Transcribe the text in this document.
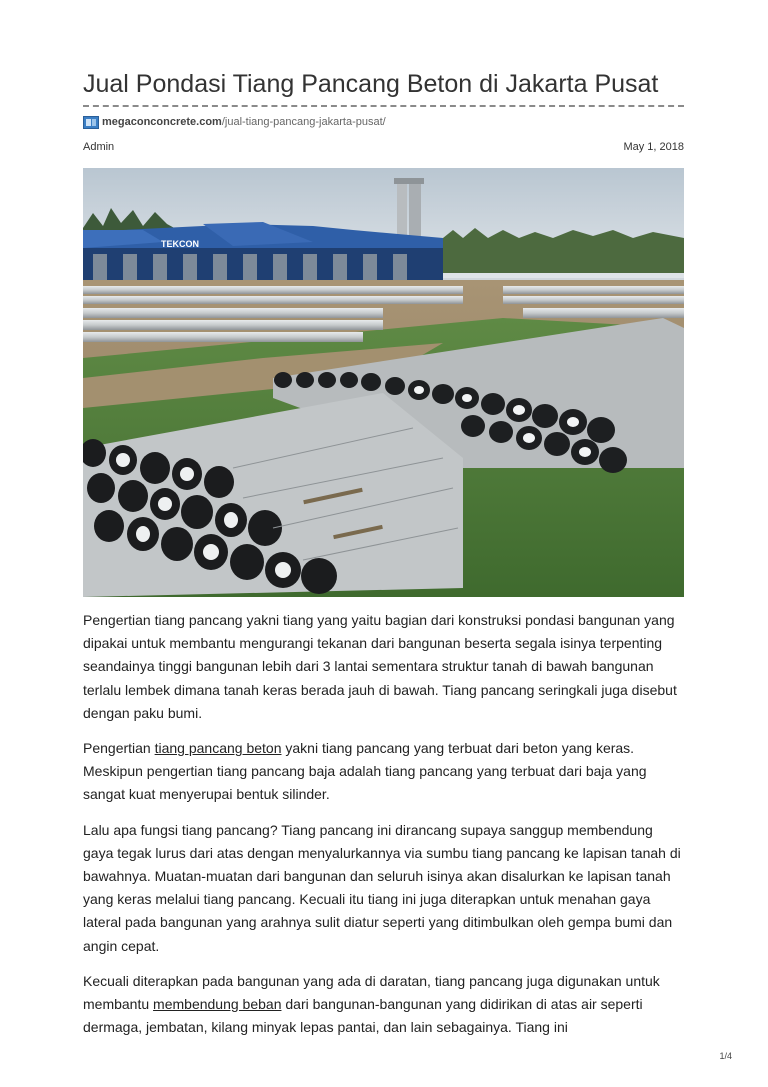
Jual Pondasi Tiang Pancang Beton di Jakarta Pusat
megaconconcrete.com /jual-tiang-pancang-jakarta-pusat/
Admin	May 1, 2018
TEKCON

Pengertian tiang pancang yakni tiang yang yaitu bagian dari konstruksi pondasi bangunan yang dipakai untuk membantu mengurangi tekanan dari bangunan beserta segala isinya terpenting seandainya tinggi bangunan lebih dari 3 lantai sementara struktur tanah di bawah bangunan terlalu lembek dimana tanah keras berada jauh di bawah. Tiang pancang seringkali juga disebut dengan paku bumi.

Pengertian tiang pancang beton yakni tiang pancang yang terbuat dari beton yang keras. Meskipun pengertian tiang pancang baja adalah tiang pancang yang terbuat dari baja yang sangat kuat menyerupai bentuk silinder.

Lalu apa fungsi tiang pancang? Tiang pancang ini dirancang supaya sanggup membendung gaya tegak lurus dari atas dengan menyalurkannya via sumbu tiang pancang ke lapisan tanah di bawahnya. Muatan-muatan dari bangunan dan seluruh isinya akan disalurkan ke lapisan tanah yang keras melalui tiang pancang. Kecuali itu tiang ini juga diterapkan untuk menahan gaya lateral pada bangunan yang arahnya sulit diatur seperti yang ditimbulkan oleh gempa bumi dan angin cepat.

Kecuali diterapkan pada bangunan yang ada di daratan, tiang pancang juga digunakan untuk membantu membendung beban dari bangunan-bangunan yang didirikan di atas air seperti dermaga, jembatan, kilang minyak lepas pantai, dan lain sebagainya. Tiang ini

1/4
